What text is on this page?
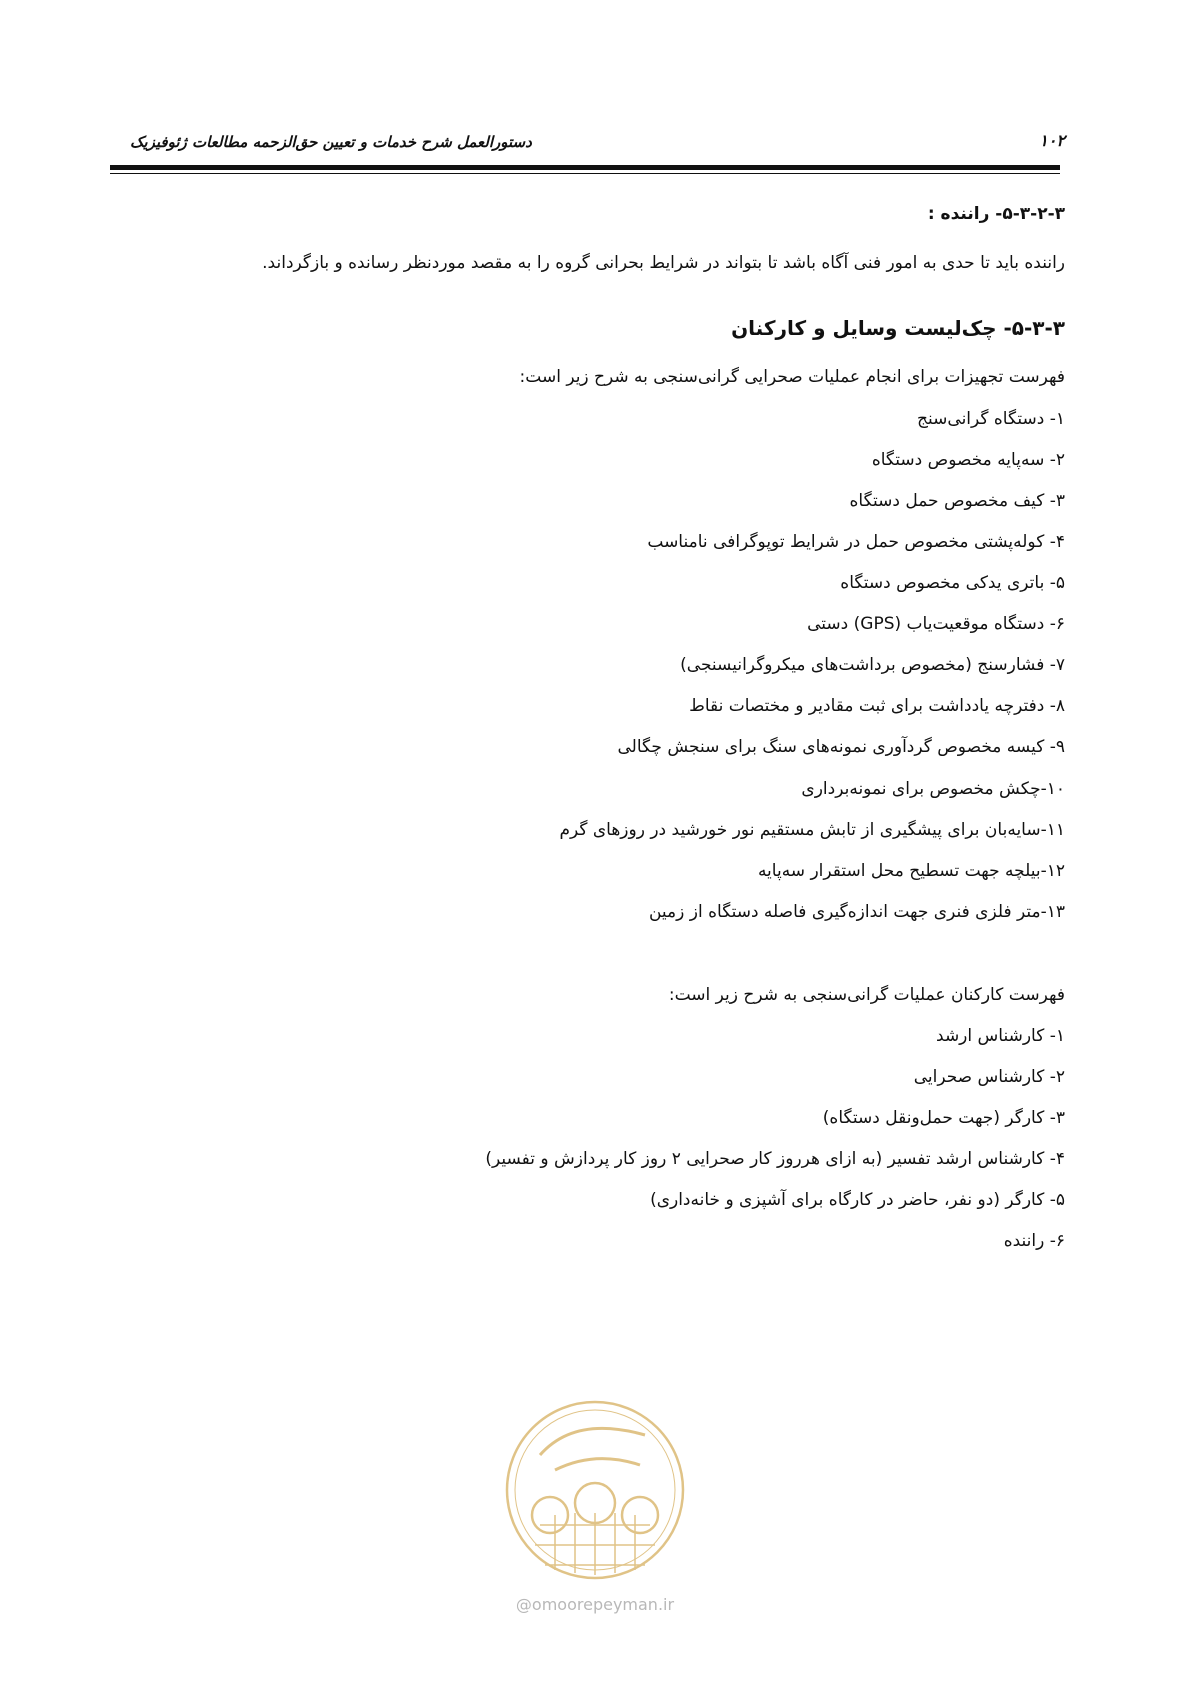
دستورالعمل شرح خدمات و تعیین حق‌الزحمه مطالعات ژئوفیزیک	۱۰۲
۵-۳-۲-۳- راننده :
راننده باید تا حدی به امور فنی آگاه باشد تا بتواند در شرایط بحرانی گروه را به مقصد موردنظر رسانده و بازگرداند.
۵-۳-۳- چک‌لیست وسایل و کارکنان
فهرست تجهیزات برای انجام عملیات صحرایی گرانی‌سنجی به شرح زیر است:
۱- دستگاه گرانی‌سنج
۲- سه‌پایه مخصوص دستگاه
۳- کیف مخصوص حمل دستگاه
۴- کوله‌پشتی مخصوص حمل در شرایط توپوگرافی نامناسب
۵- باتری یدکی مخصوص دستگاه
۶- دستگاه موقعیت‌یاب (GPS) دستی
۷- فشارسنج (مخصوص برداشت‌های میکروگرانیسنجی)
۸- دفترچه یادداشت برای ثبت مقادیر و مختصات نقاط
۹- کیسه مخصوص گردآوری نمونه‌های سنگ برای سنجش چگالی
۱۰-چکش مخصوص برای نمونه‌برداری
۱۱-سایه‌بان برای پیشگیری از تابش مستقیم نور خورشید در روزهای گرم
۱۲-بیلچه جهت تسطیح محل استقرار سه‌پایه
۱۳-متر فلزی فنری جهت اندازه‌گیری فاصله دستگاه از زمین
فهرست کارکنان عملیات گرانی‌سنجی به شرح زیر است:
۱- کارشناس ارشد
۲- کارشناس صحرایی
۳- کارگر (جهت حمل‌ونقل دستگاه)
۴- کارشناس ارشد تفسیر (به ازای هرروز کار صحرایی ۲ روز کار پردازش و تفسیر)
۵- کارگر (دو نفر، حاضر در کارگاه برای آشپزی و خانه‌داری)
۶- راننده
@omoorepeyman.ir
